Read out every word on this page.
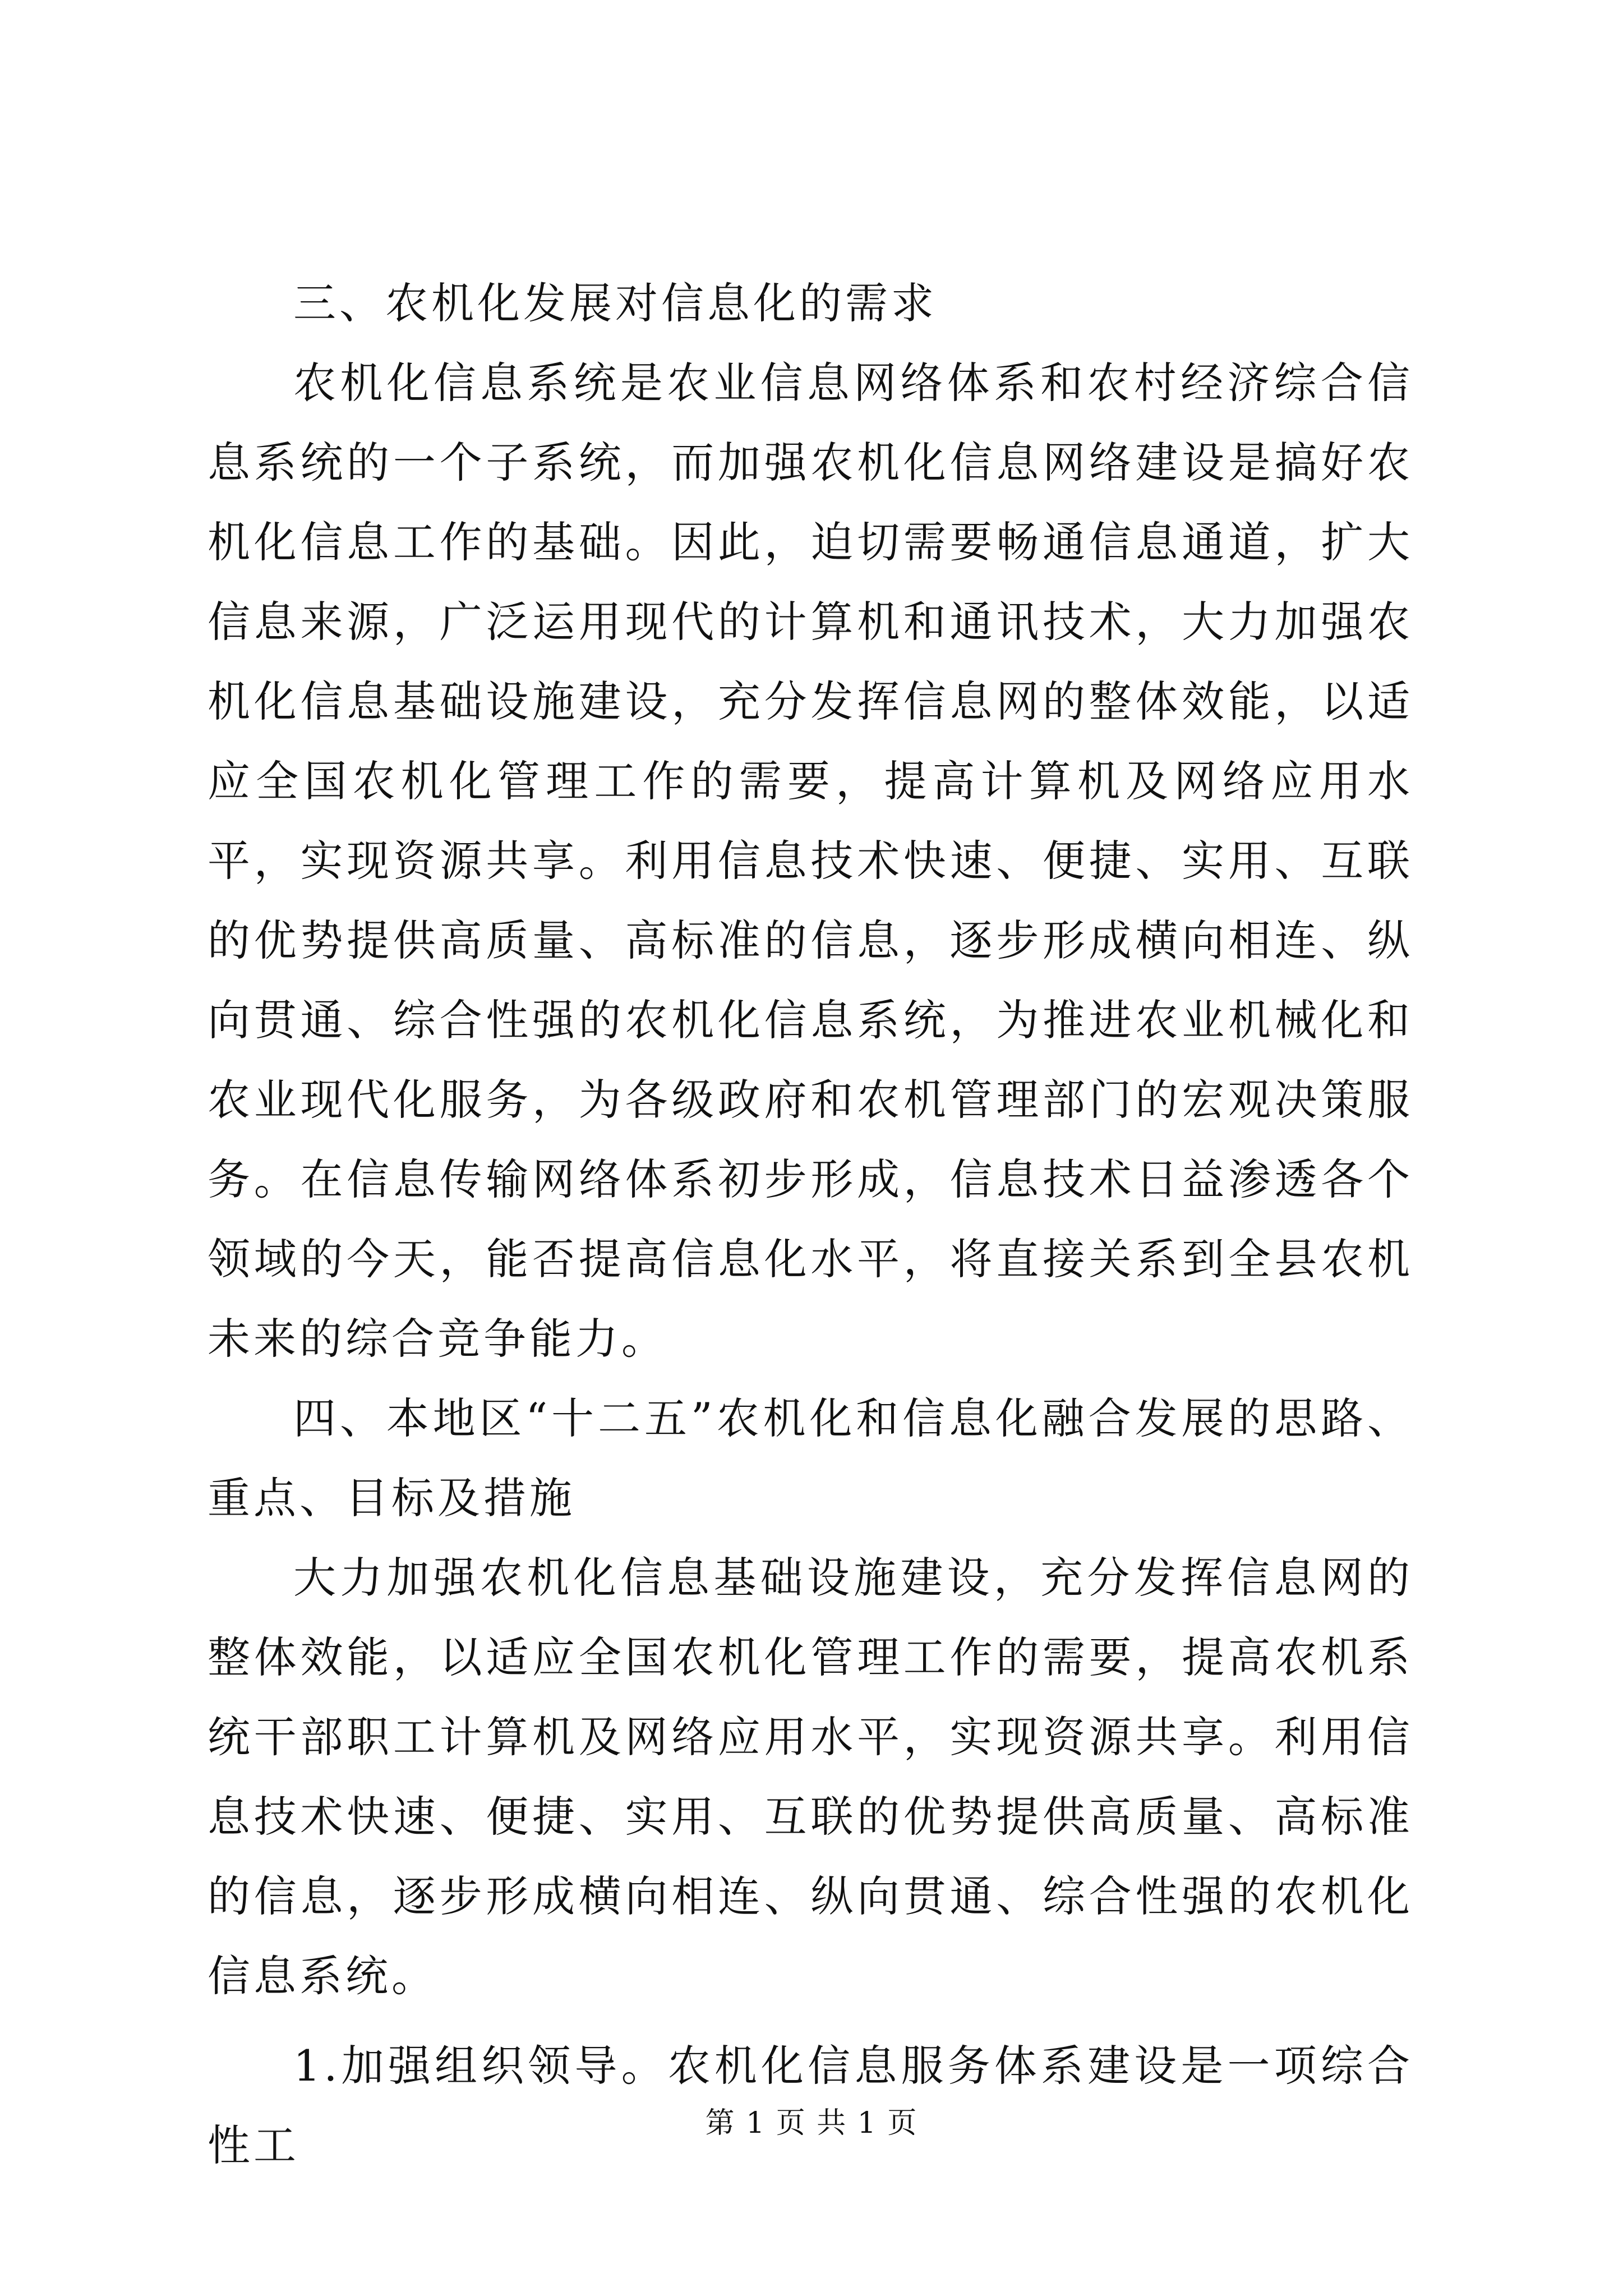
三、农机化发展对信息化的需求

农机化信息系统是农业信息网络体系和农村经济综合信息系统的一个子系统，而加强农机化信息网络建设是搞好农机化信息工作的基础。因此，迫切需要畅通信息通道，扩大信息来源，广泛运用现代的计算机和通讯技术，大力加强农机化信息基础设施建设，充分发挥信息网的整体效能，以适应全国农机化管理工作的需要，提高计算机及网络应用水平，实现资源共享。利用信息技术快速、便捷、实用、互联的优势提供高质量、高标准的信息，逐步形成横向相连、纵向贯通、综合性强的农机化信息系统，为推进农业机械化和农业现代化服务，为各级政府和农机管理部门的宏观决策服务。在信息传输网络体系初步形成，信息技术日益渗透各个领域的今天，能否提高信息化水平，将直接关系到全县农机未来的综合竞争能力。

四、本地区“十二五”农机化和信息化融合发展的思路、重点、目标及措施

大力加强农机化信息基础设施建设，充分发挥信息网的整体效能，以适应全国农机化管理工作的需要，提高农机系统干部职工计算机及网络应用水平，实现资源共享。利用信息技术快速、便捷、实用、互联的优势提供高质量、高标准的信息，逐步形成横向相连、纵向贯通、综合性强的农机化信息系统。

1.加强组织领导。农机化信息服务体系建设是一项综合性工	第 1 页 共 1 页
